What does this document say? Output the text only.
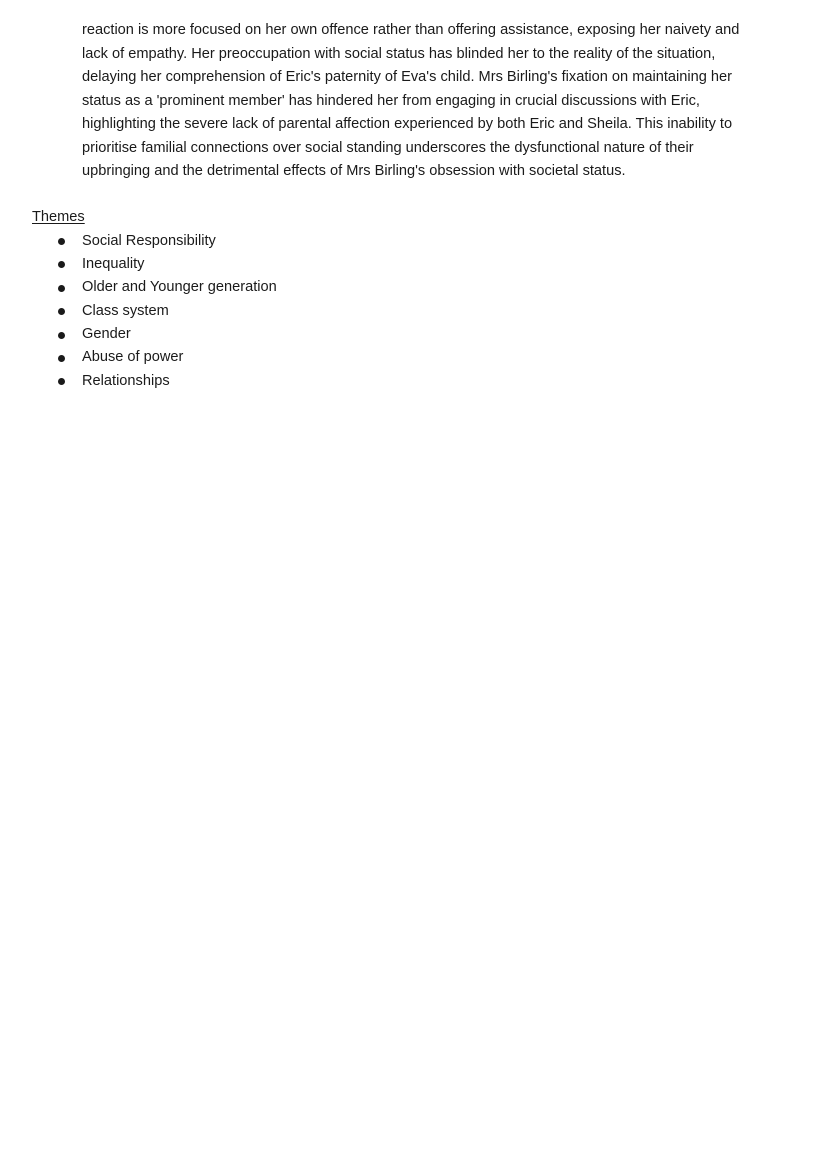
reaction is more focused on her own offence rather than offering assistance, exposing her naivety and
lack of empathy. Her preoccupation with social status has blinded her to the reality of the situation,
delaying her comprehension of Eric's paternity of Eva's child. Mrs Birling's fixation on maintaining her
status as a 'prominent member' has hindered her from engaging in crucial discussions with Eric,
highlighting the severe lack of parental affection experienced by both Eric and Sheila. This inability to
prioritise familial connections over social standing underscores the dysfunctional nature of their
upbringing and the detrimental effects of Mrs Birling's obsession with societal status.

Themes
Social Responsibility
Inequality
Older and Younger generation
Class system
Gender
Abuse of power
Relationships
